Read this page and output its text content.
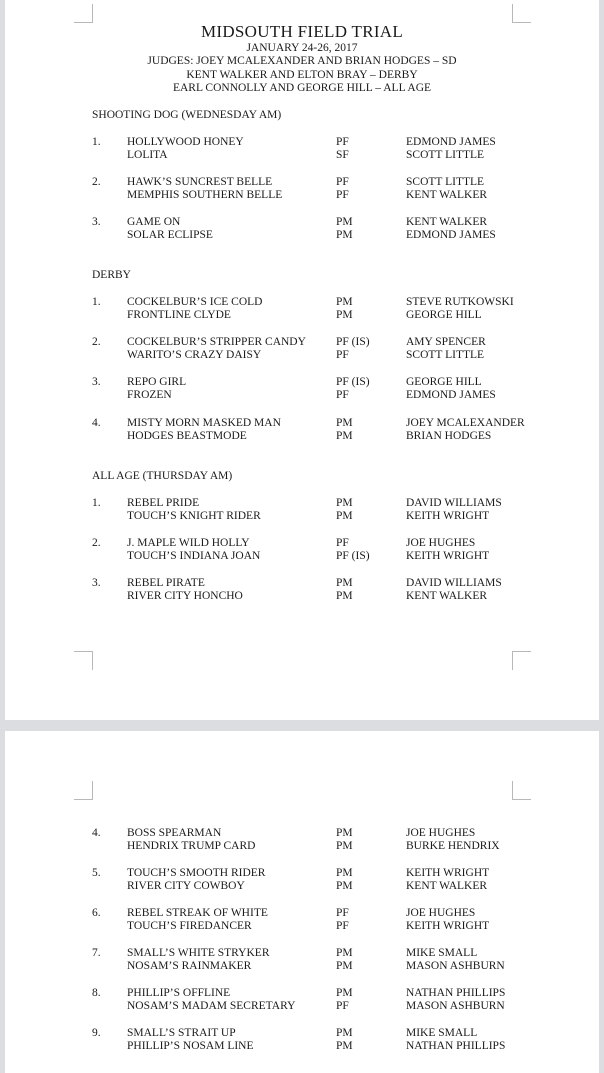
MIDSOUTH FIELD TRIAL
JANUARY 24-26, 2017
JUDGES: JOEY MCALEXANDER AND BRIAN HODGES – SD
KENT WALKER AND ELTON BRAY – DERBY
EARL CONNOLLY AND GEORGE HILL – ALL AGE
SHOOTING DOG (WEDNESDAY AM)
1. HOLLYWOOD HONEY	PF	EDMOND JAMES
LOLITA	SF	SCOTT LITTLE
2. HAWK’S SUNCREST BELLE	PF	SCOTT LITTLE
MEMPHIS SOUTHERN BELLE	PF	KENT WALKER
3. GAME ON	PM	KENT WALKER
SOLAR ECLIPSE	PM	EDMOND JAMES
DERBY
1. COCKELBUR’S ICE COLD	PM	STEVE RUTKOWSKI
FRONTLINE CLYDE	PM	GEORGE HILL
2. COCKELBUR’S STRIPPER CANDY	PF (IS)	AMY SPENCER
WARITO’S CRAZY DAISY	PF	SCOTT LITTLE
3. REPO GIRL	PF (IS)	GEORGE HILL
FROZEN	PF	EDMOND JAMES
4. MISTY MORN MASKED MAN	PM	JOEY MCALEXANDER
HODGES BEASTMODE	PM	BRIAN HODGES
ALL AGE (THURSDAY AM)
1. REBEL PRIDE	PM	DAVID WILLIAMS
TOUCH’S KNIGHT RIDER	PM	KEITH WRIGHT
2. J. MAPLE WILD HOLLY	PF	JOE HUGHES
TOUCH’S INDIANA JOAN	PF (IS)	KEITH WRIGHT
3. REBEL PIRATE	PM	DAVID WILLIAMS
RIVER CITY HONCHO	PM	KENT WALKER
4. BOSS SPEARMAN	PM	JOE HUGHES
HENDRIX TRUMP CARD	PM	BURKE HENDRIX
5. TOUCH’S SMOOTH RIDER	PM	KEITH WRIGHT
RIVER CITY COWBOY	PM	KENT WALKER
6. REBEL STREAK OF WHITE	PF	JOE HUGHES
TOUCH’S FIREDANCER	PF	KEITH WRIGHT
7. SMALL’S WHITE STRYKER	PM	MIKE SMALL
NOSAM’S RAINMAKER	PM	MASON ASHBURN
8. PHILLIP’S OFFLINE	PM	NATHAN PHILLIPS
NOSAM’S MADAM SECRETARY	PF	MASON ASHBURN
9. SMALL’S STRAIT UP	PM	MIKE SMALL
PHILLIP’S NOSAM LINE	PM	NATHAN PHILLIPS
